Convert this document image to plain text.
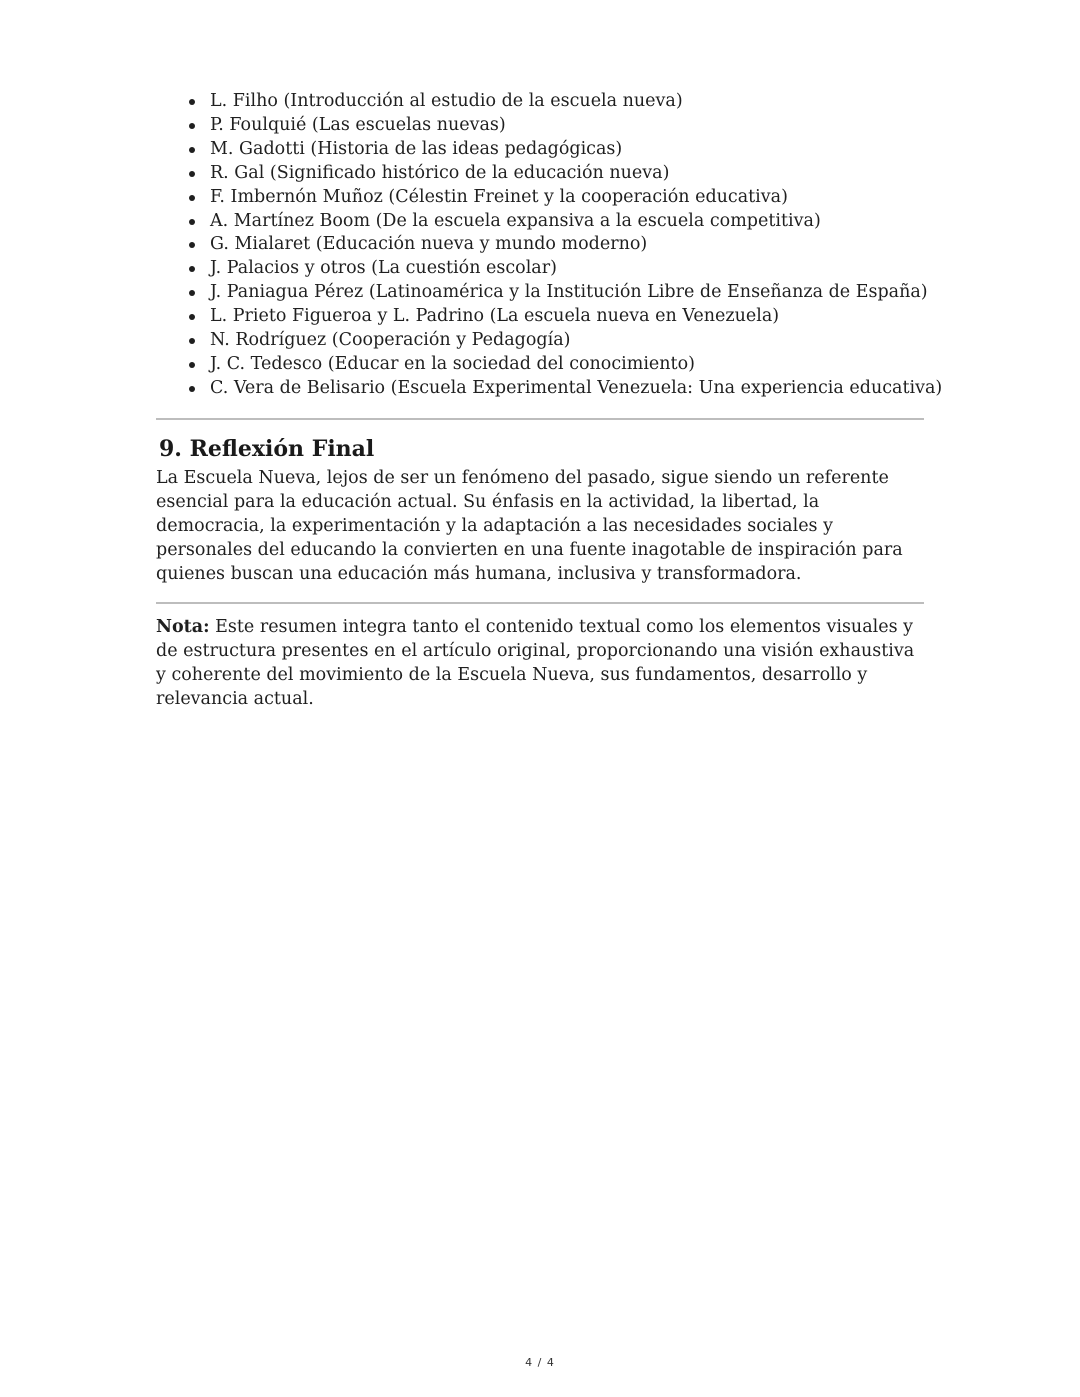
L. Filho (Introducción al estudio de la escuela nueva)
P. Foulquié (Las escuelas nuevas)
M. Gadotti (Historia de las ideas pedagógicas)
R. Gal (Significado histórico de la educación nueva)
F. Imbernón Muñoz (Célestin Freinet y la cooperación educativa)
A. Martínez Boom (De la escuela expansiva a la escuela competitiva)
G. Mialaret (Educación nueva y mundo moderno)
J. Palacios y otros (La cuestión escolar)
J. Paniagua Pérez (Latinoamérica y la Institución Libre de Enseñanza de España)
L. Prieto Figueroa y L. Padrino (La escuela nueva en Venezuela)
N. Rodríguez (Cooperación y Pedagogía)
J. C. Tedesco (Educar en la sociedad del conocimiento)
C. Vera de Belisario (Escuela Experimental Venezuela: Una experiencia educativa)
9. Reflexión Final

La Escuela Nueva, lejos de ser un fenómeno del pasado, sigue siendo un referente esencial para la educación actual. Su énfasis en la actividad, la libertad, la democracia, la experimentación y la adaptación a las necesidades sociales y personales del educando la convierten en una fuente inagotable de inspiración para quienes buscan una educación más humana, inclusiva y transformadora.

Nota: Este resumen integra tanto el contenido textual como los elementos visuales y de estructura presentes en el artículo original, proporcionando una visión exhaustiva y coherente del movimiento de la Escuela Nueva, sus fundamentos, desarrollo y relevancia actual.

4 / 4
